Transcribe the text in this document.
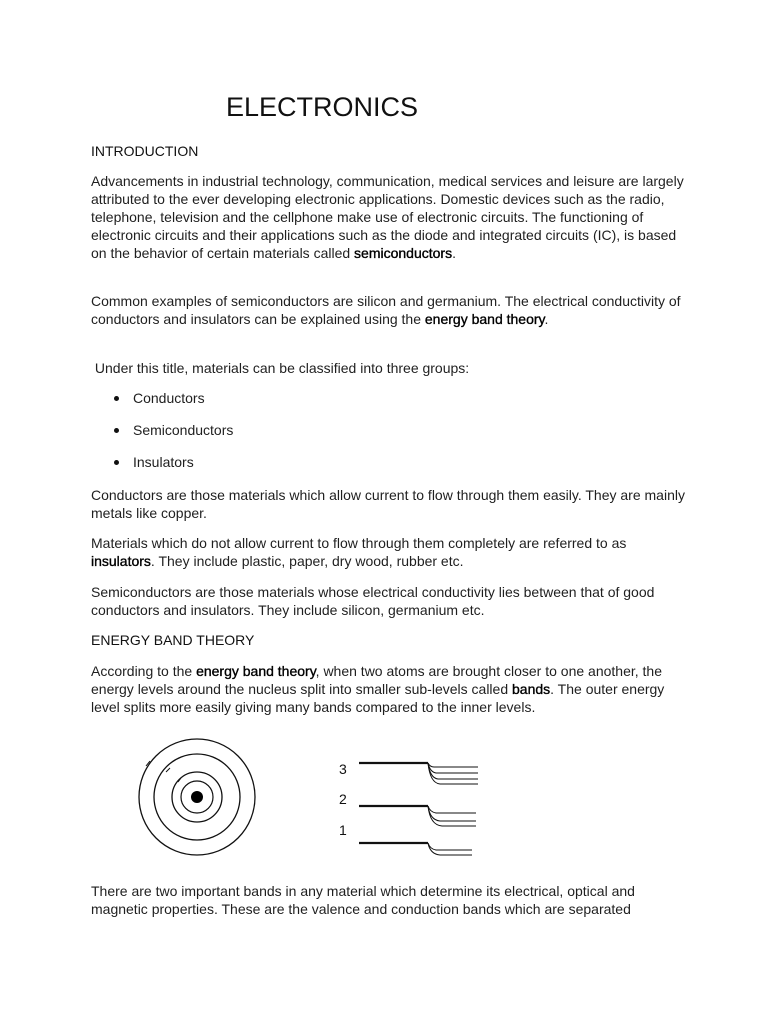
ELECTRONICS
INTRODUCTION
Advancements in industrial technology, communication, medical services and leisure are largely attributed to the ever developing electronic applications. Domestic devices such as the radio, telephone, television and the cellphone make use of electronic circuits. The functioning of electronic circuits and their applications such as the diode and integrated circuits (IC), is based on the behavior of certain materials called semiconductors.
Common examples of semiconductors are silicon and germanium. The electrical conductivity of conductors and insulators can be explained using the energy band theory.
Under this title, materials can be classified into three groups:
Conductors
Semiconductors
Insulators
Conductors are those materials which allow current to flow through them easily. They are mainly metals like copper.
Materials which do not allow current to flow through them completely are referred to as insulators. They include plastic, paper, dry wood, rubber etc.
Semiconductors are those materials whose electrical conductivity lies between that of good conductors and insulators. They include silicon, germanium etc.
ENERGY BAND THEORY
According to the energy band theory, when two atoms are brought closer to one another, the energy levels around the nucleus split into smaller sub-levels called bands. The outer energy level splits more easily giving many bands compared to the inner levels.
3
2
1
There are two important bands in any material which determine its electrical, optical and magnetic properties. These are the valence and conduction bands which are separated
